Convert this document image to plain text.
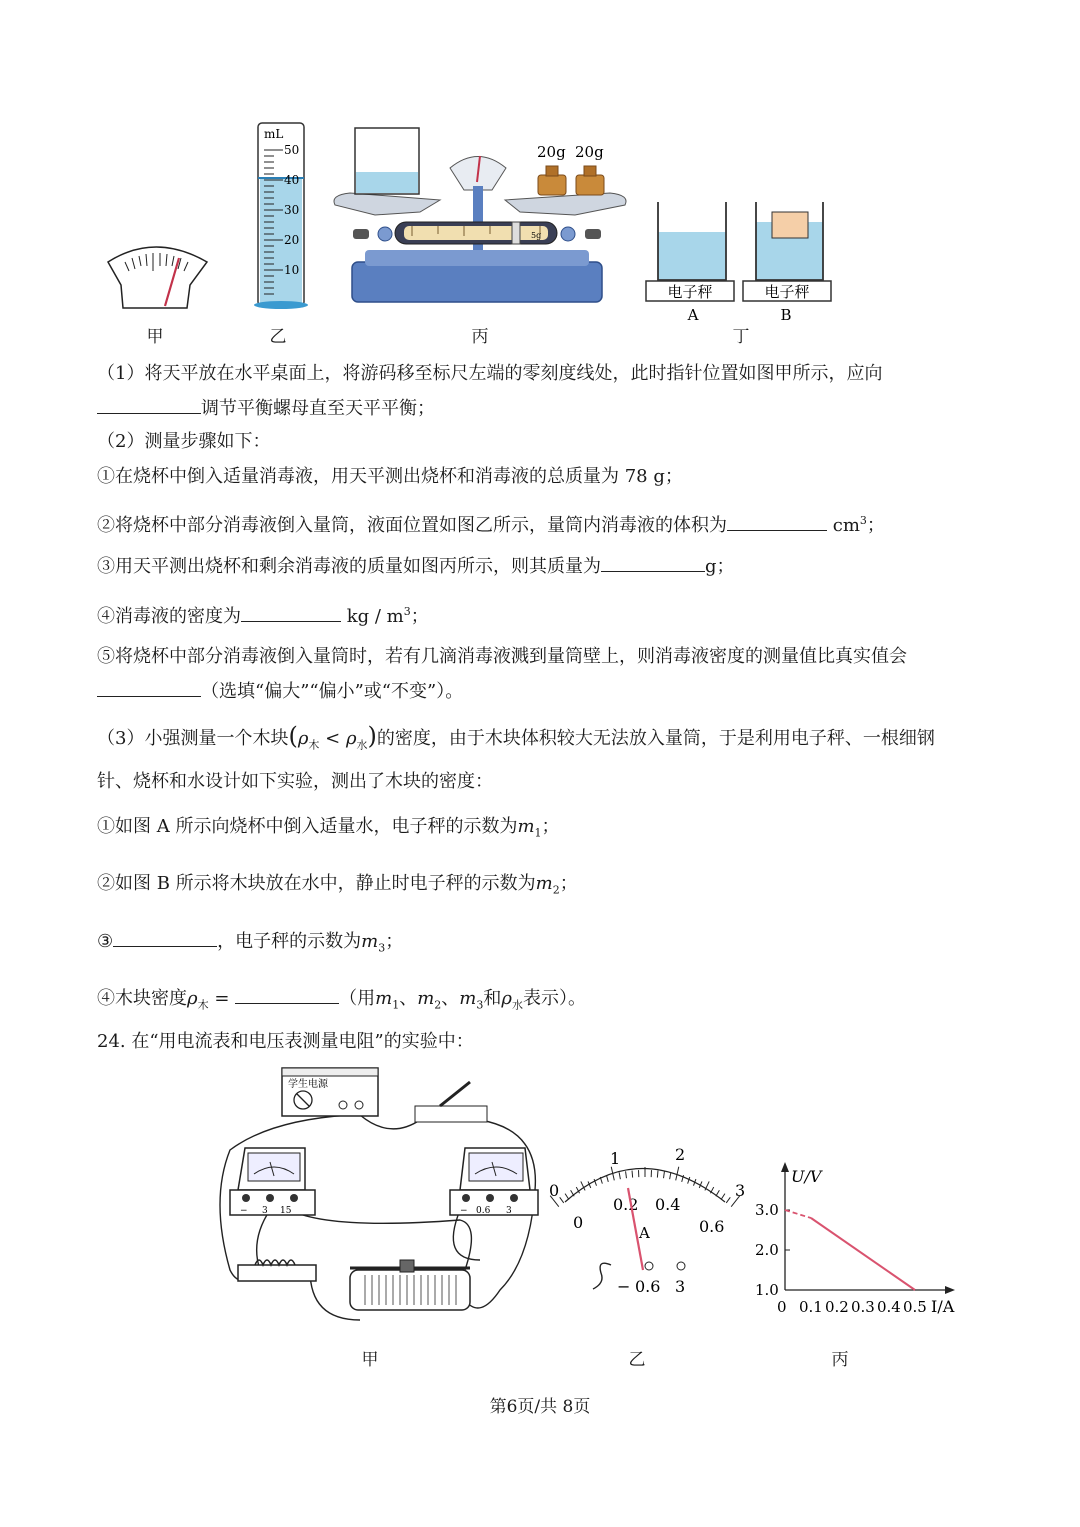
mL
50
40
30
20
10
20g 20g
5g
电子秤
A
电子秤
B
甲	乙	丙	丁
（1）将天平放在水平桌面上，将游码移至标尺左端的零刻度线处，此时指针位置如图甲所示，应向
调节平衡螺母直至天平平衡；
（2）测量步骤如下：
①在烧杯中倒入适量消毒液，用天平测出烧杯和消毒液的总质量为 78 g；
②将烧杯中部分消毒液倒入量筒，液面位置如图乙所示，量筒内消毒液的体积为	$cm^3$；
③用天平测出烧杯和剩余消毒液的质量如图丙所示，则其质量为	g；
④消毒液的密度为	kg / $m^3$；
⑤将烧杯中部分消毒液倒入量筒时，若有几滴消毒液溅到量筒壁上，则消毒液密度的测量值比真实值会
（选填“偏大”“偏小”或“不变”）。
（3）小强测量一个木块$(\rho_木 < \rho_水)$的密度，由于木块体积较大无法放入量筒，于是利用电子秤、一根细钢
针、烧杯和水设计如下实验，测出了木块的密度：
①如图 A 所示向烧杯中倒入适量水，电子秤的示数为$m_1$；
②如图 B 所示将木块放在水中，静止时电子秤的示数为$m_2$；
③	，电子秤的示数为$m_3$；
④木块密度$\rho_木$ =	（用$m_1$、$m_2$、$m_3$和$\rho_水$表示）。
24. 在“用电流表和电压表测量电阻”的实验中：
学生电源
− 3 15	− 0.6 3
0
1	2
3
0
0.2 0.4
0.6
A
− 0.6 3
U/V
I/A
1.0
2.0
3.0
0 0.1 0.2 0.3 0.4 0.5
甲	乙	丙
第6页/共 8页
